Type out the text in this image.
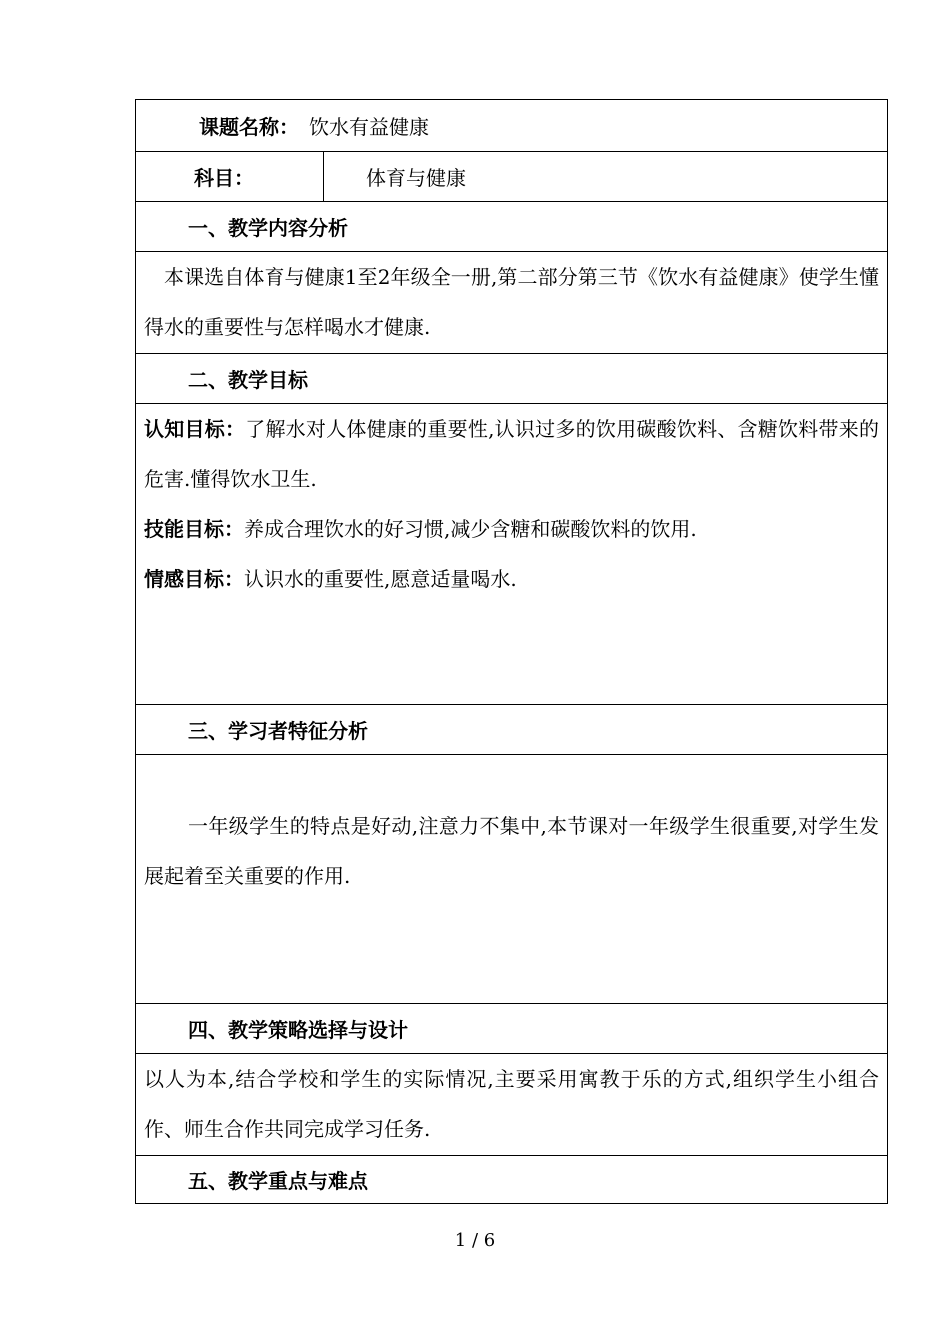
课题名称： 饮水有益健康
科目：	体育与健康
一、教学内容分析
本课选自体育与健康1至2年级全一册,第二部分第三节《饮水有益健康》使学生懂得水的重要性与怎样喝水才健康.
二、教学目标

认知目标：了解水对人体健康的重要性,认识过多的饮用碳酸饮料、含糖饮料带来的危害.懂得饮水卫生.

技能目标：养成合理饮水的好习惯,减少含糖和碳酸饮料的饮用.

情感目标：认识水的重要性,愿意适量喝水.

三、学习者特征分析
一年级学生的特点是好动,注意力不集中,本节课对一年级学生很重要,对学生发展起着至关重要的作用.
四、教学策略选择与设计
以人为本,结合学校和学生的实际情况,主要采用寓教于乐的方式,组织学生小组合作、师生合作共同完成学习任务.
五、教学重点与难点
1 / 6
